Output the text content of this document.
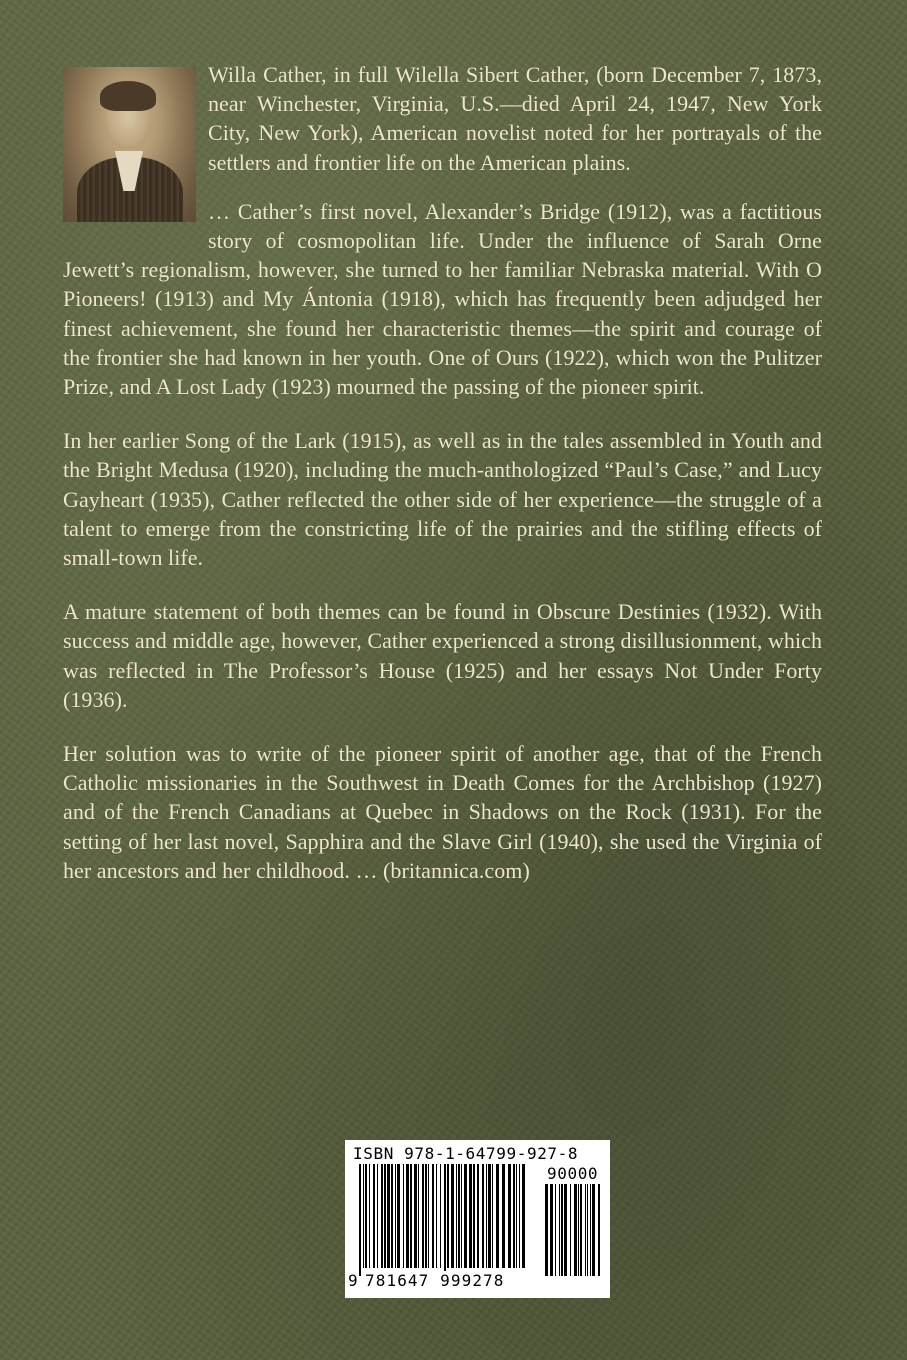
Willa Cather, in full Wilella Sibert Cather, (born December 7, 1873, near Winchester, Virginia, U.S.—died April 24, 1947, New York City, New York), American novelist noted for her portrayals of the settlers and frontier life on the American plains.

… Cather’s first novel, Alexander’s Bridge (1912), was a factitious story of cosmopolitan life. Under the influence of Sarah Orne Jewett’s regionalism, however, she turned to her familiar Nebraska material. With O Pioneers! (1913) and My Ántonia (1918), which has frequently been adjudged her finest achievement, she found her characteristic themes—the spirit and courage of the frontier she had known in her youth. One of Ours (1922), which won the Pulitzer Prize, and A Lost Lady (1923) mourned the passing of the pioneer spirit.

In her earlier Song of the Lark (1915), as well as in the tales assembled in Youth and the Bright Medusa (1920), including the much-anthologized “Paul’s Case,” and Lucy Gayheart (1935), Cather reflected the other side of her experience—the struggle of a talent to emerge from the constricting life of the prairies and the stifling effects of small-town life.

A mature statement of both themes can be found in Obscure Destinies (1932). With success and middle age, however, Cather experienced a strong disillusionment, which was reflected in The Professor’s House (1925) and her essays Not Under Forty (1936).

Her solution was to write of the pioneer spirit of another age, that of the French Catholic missionaries in the Southwest in Death Comes for the Archbishop (1927) and of the French Canadians at Quebec in Shadows on the Rock (1931). For the setting of her last novel, Sapphira and the Slave Girl (1940), she used the Virginia of her ancestors and her childhood. … (britannica.com)

ISBN 978-1-64799-927-8
90000
9 781647 999278
